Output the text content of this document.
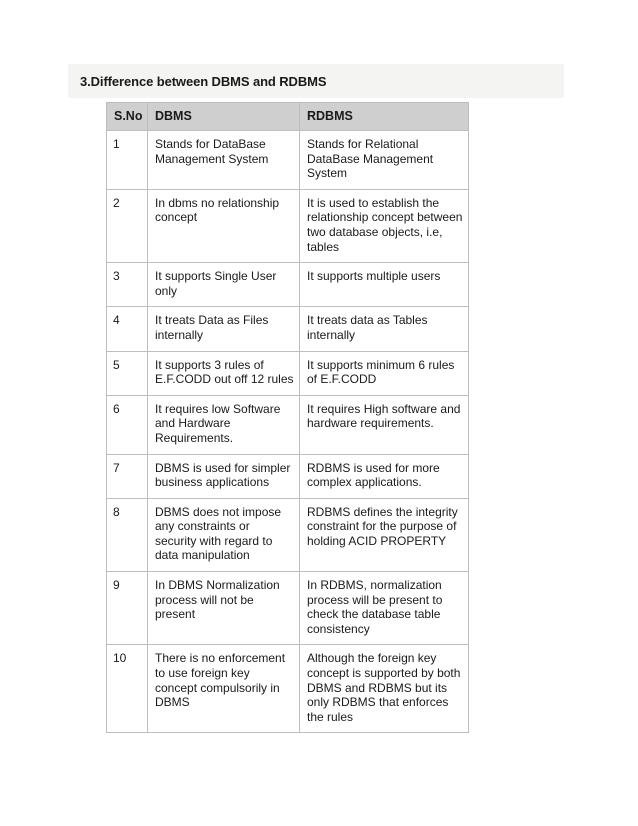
3.Difference between DBMS and RDBMS
S.No	DBMS	RDBMS
1	Stands for DataBase Management System	Stands for Relational DataBase Management System
2	In dbms no relationship concept	It is used to establish the relationship concept between two database objects, i.e, tables
3	It supports Single User only	It supports multiple users
4	It treats Data as Files internally	It treats data as Tables internally
5	It supports 3 rules of E.F.CODD out off 12 rules	It supports minimum 6 rules of E.F.CODD
6	It requires low Software and Hardware Requirements.	It requires High software and hardware requirements.
7	DBMS is used for simpler business applications	RDBMS is used for more complex applications.
8	DBMS does not impose any constraints or security with regard to data manipulation	RDBMS defines the integrity constraint for the purpose of holding ACID PROPERTY
9	In DBMS Normalization process will not be present	In RDBMS, normalization process will be present to check the database table consistency
10	There is no enforcement to use foreign key concept compulsorily in DBMS	Although the foreign key concept is supported by both DBMS and RDBMS but its only RDBMS that enforces the rules
